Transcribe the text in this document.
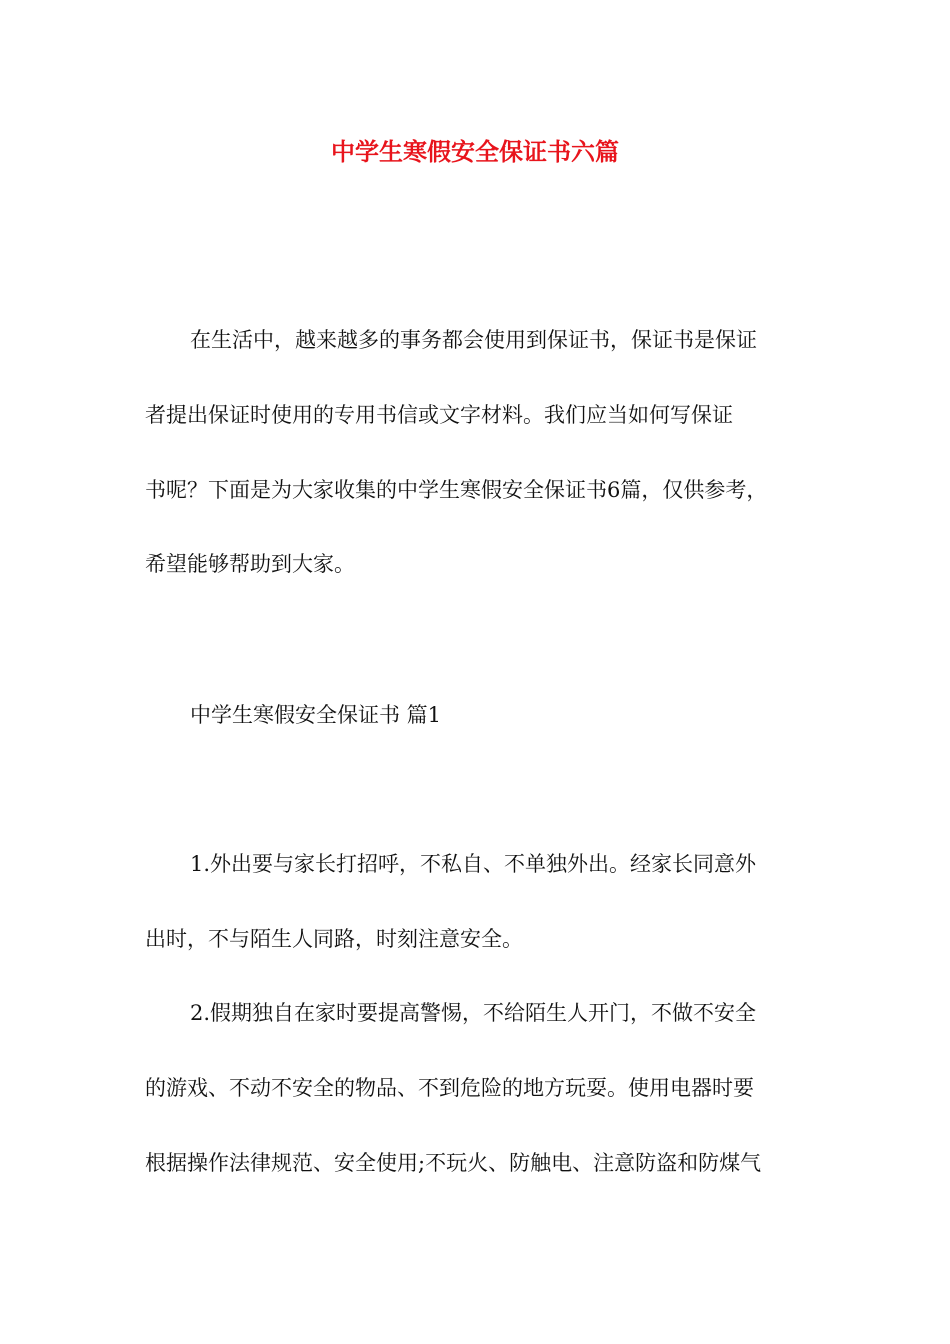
中学生寒假安全保证书六篇
在生活中，越来越多的事务都会使用到保证书，保证书是保证
者提出保证时使用的专用书信或文字材料。我们应当如何写保证
书呢？下面是为大家收集的中学生寒假安全保证书6篇，仅供参考，
希望能够帮助到大家。
中学生寒假安全保证书 篇1
1.外出要与家长打招呼，不私自、不单独外出。经家长同意外
出时，不与陌生人同路，时刻注意安全。
2.假期独自在家时要提高警惕，不给陌生人开门，不做不安全
的游戏、不动不安全的物品、不到危险的地方玩耍。使用电器时要
根据操作法律规范、安全使用;不玩火、防触电、注意防盗和防煤气
